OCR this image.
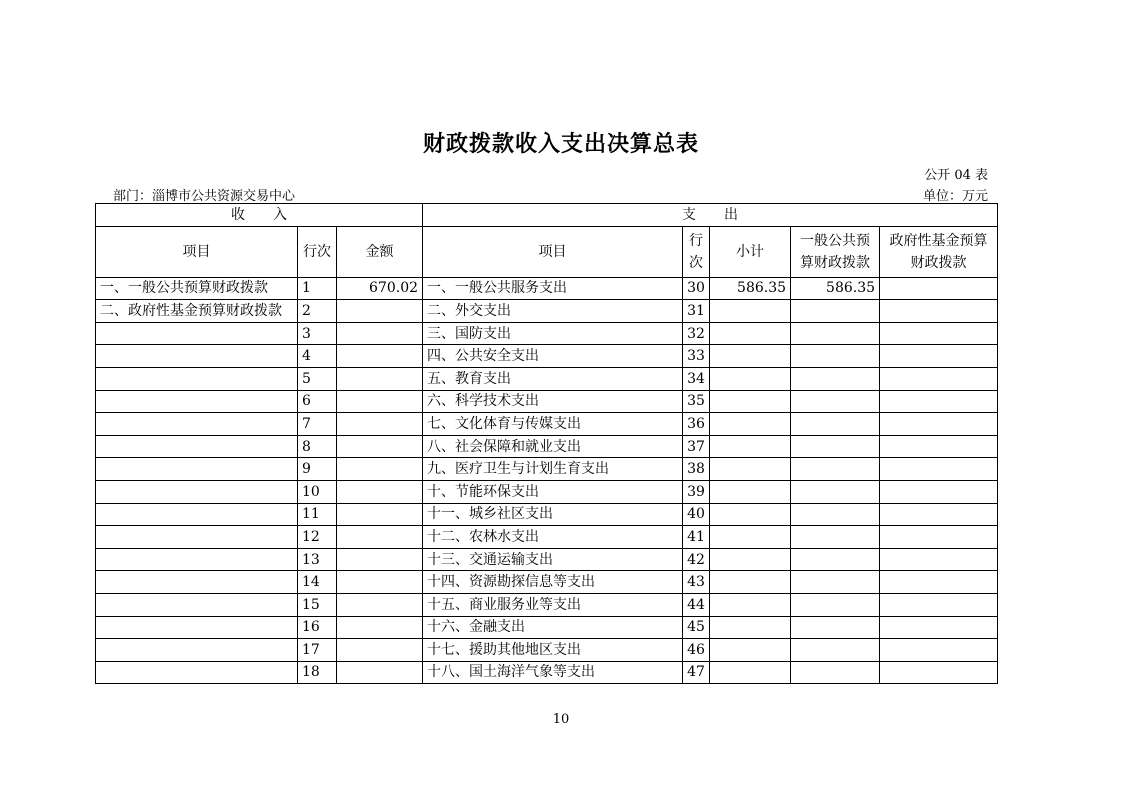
财政拨款收入支出决算总表
公开 04 表
部门：淄博市公共资源交易中心	单位：万元
收　　入			支　　出				
项目	行次	金额	项目	行次	小计	一般公共预算财政拨款	政府性基金预算财政拨款
一、一般公共预算财政拨款	1	670.02	一、一般公共服务支出	30	586.35	586.35	
二、政府性基金预算财政拨款	2		二、外交支出	31			
	3		三、国防支出	32			
	4		四、公共安全支出	33			
	5		五、教育支出	34			
	6		六、科学技术支出	35			
	7		七、文化体育与传媒支出	36			
	8		八、社会保障和就业支出	37			
	9		九、医疗卫生与计划生育支出	38			
	10		十、节能环保支出	39			
	11		十一、城乡社区支出	40			
	12		十二、农林水支出	41			
	13		十三、交通运输支出	42			
	14		十四、资源勘探信息等支出	43			
	15		十五、商业服务业等支出	44			
	16		十六、金融支出	45			
	17		十七、援助其他地区支出	46			
	18		十八、国土海洋气象等支出	47			
10
